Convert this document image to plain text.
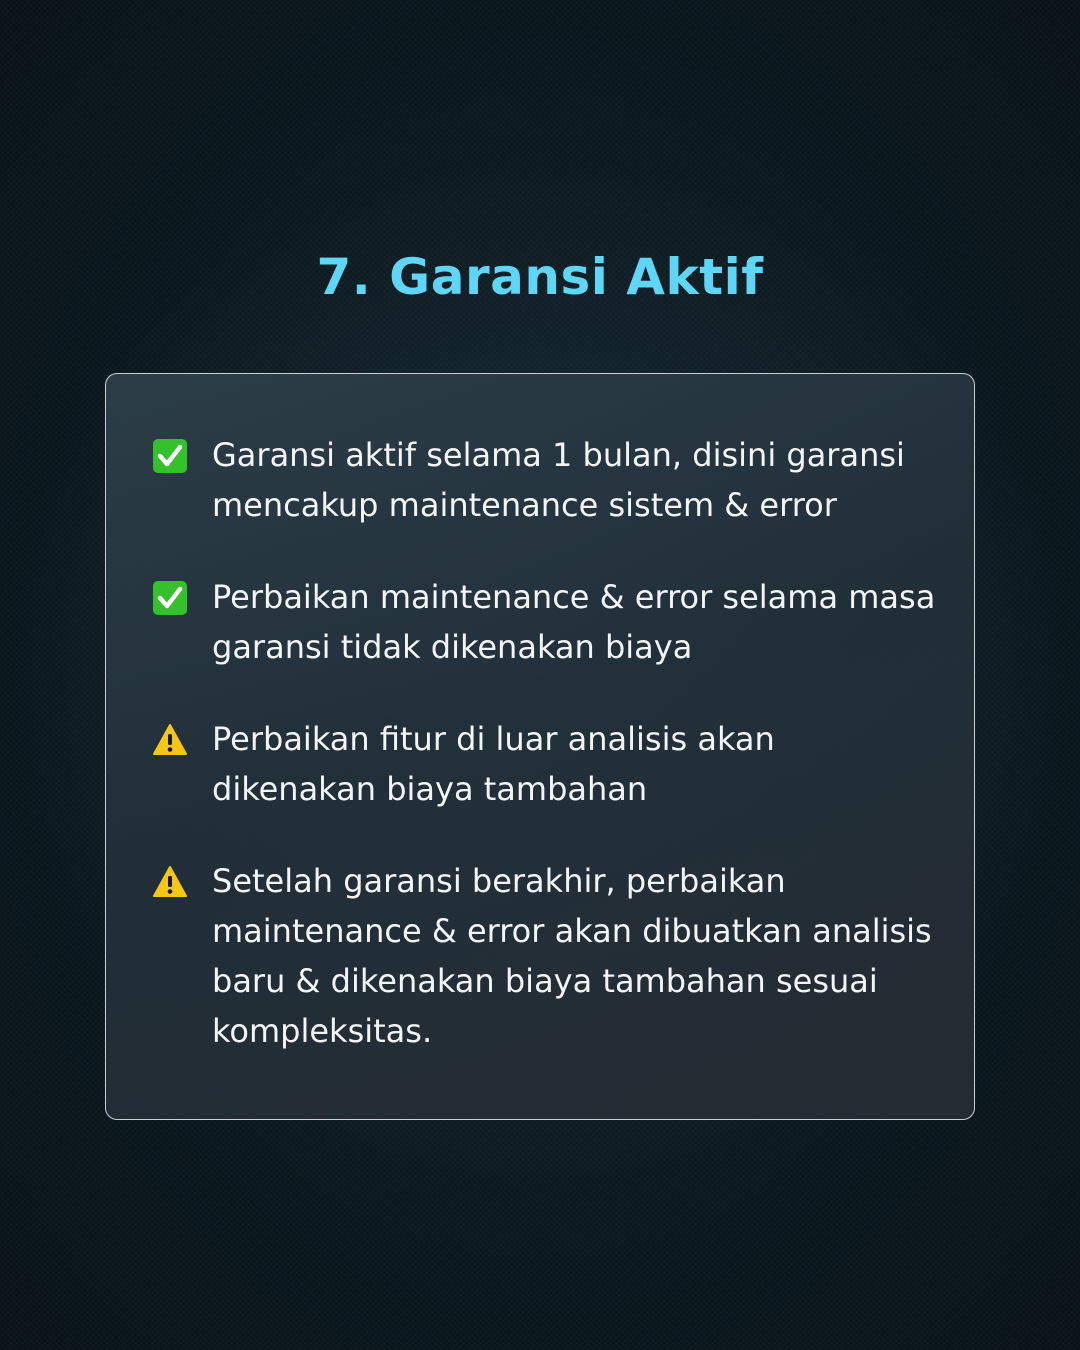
7. Garansi Aktif

Garansi aktif selama 1 bulan, disini garansi mencakup maintenance sistem & error

Perbaikan maintenance & error selama masa garansi tidak dikenakan biaya

Perbaikan fitur di luar analisis akan dikenakan biaya tambahan

Setelah garansi berakhir, perbaikan maintenance & error akan dibuatkan analisis baru & dikenakan biaya tambahan sesuai kompleksitas.
